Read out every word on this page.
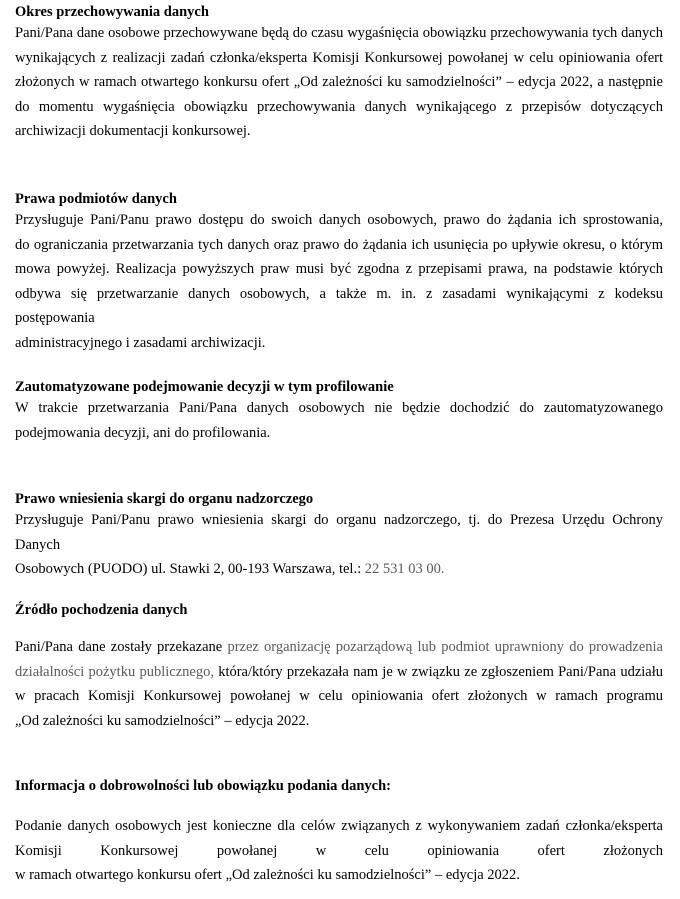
Okres przechowywania danych
Pani/Pana dane osobowe przechowywane będą do czasu wygaśnięcia obowiązku przechowywania tych danych
wynikających z realizacji zadań członka/eksperta Komisji Konkursowej powołanej w celu opiniowania ofert
złożonych w ramach otwartego konkursu ofert „Od zależności ku samodzielności” – edycja 2022, a następnie
do momentu wygaśnięcia obowiązku przechowywania danych wynikającego z przepisów dotyczących
archiwizacji dokumentacji konkursowej.
Prawa podmiotów danych
Przysługuje Pani/Panu prawo dostępu do swoich danych osobowych, prawo do żądania ich sprostowania,
do ograniczania przetwarzania tych danych oraz prawo do żądania ich usunięcia po upływie okresu, o którym
mowa powyżej. Realizacja powyższych praw musi być zgodna z przepisami prawa, na podstawie których
odbywa się przetwarzanie danych osobowych, a także m. in. z zasadami wynikającymi z kodeksu postępowania
administracyjnego i zasadami archiwizacji.
Zautomatyzowane podejmowanie decyzji w tym profilowanie
W trakcie przetwarzania Pani/Pana danych osobowych nie będzie dochodzić do zautomatyzowanego
podejmowania decyzji, ani do profilowania.
Prawo wniesienia skargi do organu nadzorczego
Przysługuje Pani/Panu prawo wniesienia skargi do organu nadzorczego, tj. do Prezesa Urzędu Ochrony Danych
Osobowych (PUODO) ul. Stawki 2, 00-193 Warszawa, tel.: 22 531 03 00.
Źródło pochodzenia danych
Pani/Pana dane zostały przekazane przez organizację pozarządową lub podmiot uprawniony do prowadzenia
działalności pożytku publicznego, która/który przekazała nam je w związku ze zgłoszeniem Pani/Pana udziału
w pracach Komisji Konkursowej powołanej w celu opiniowania ofert złożonych w ramach programu
„Od zależności ku samodzielności” – edycja 2022.
Informacja o dobrowolności lub obowiązku podania danych:
Podanie danych osobowych jest konieczne dla celów związanych z wykonywaniem zadań członka/eksperta
Komisji Konkursowej powołanej w celu opiniowania ofert złożonych
w ramach otwartego konkursu ofert „Od zależności ku samodzielności” – edycja 2022.
